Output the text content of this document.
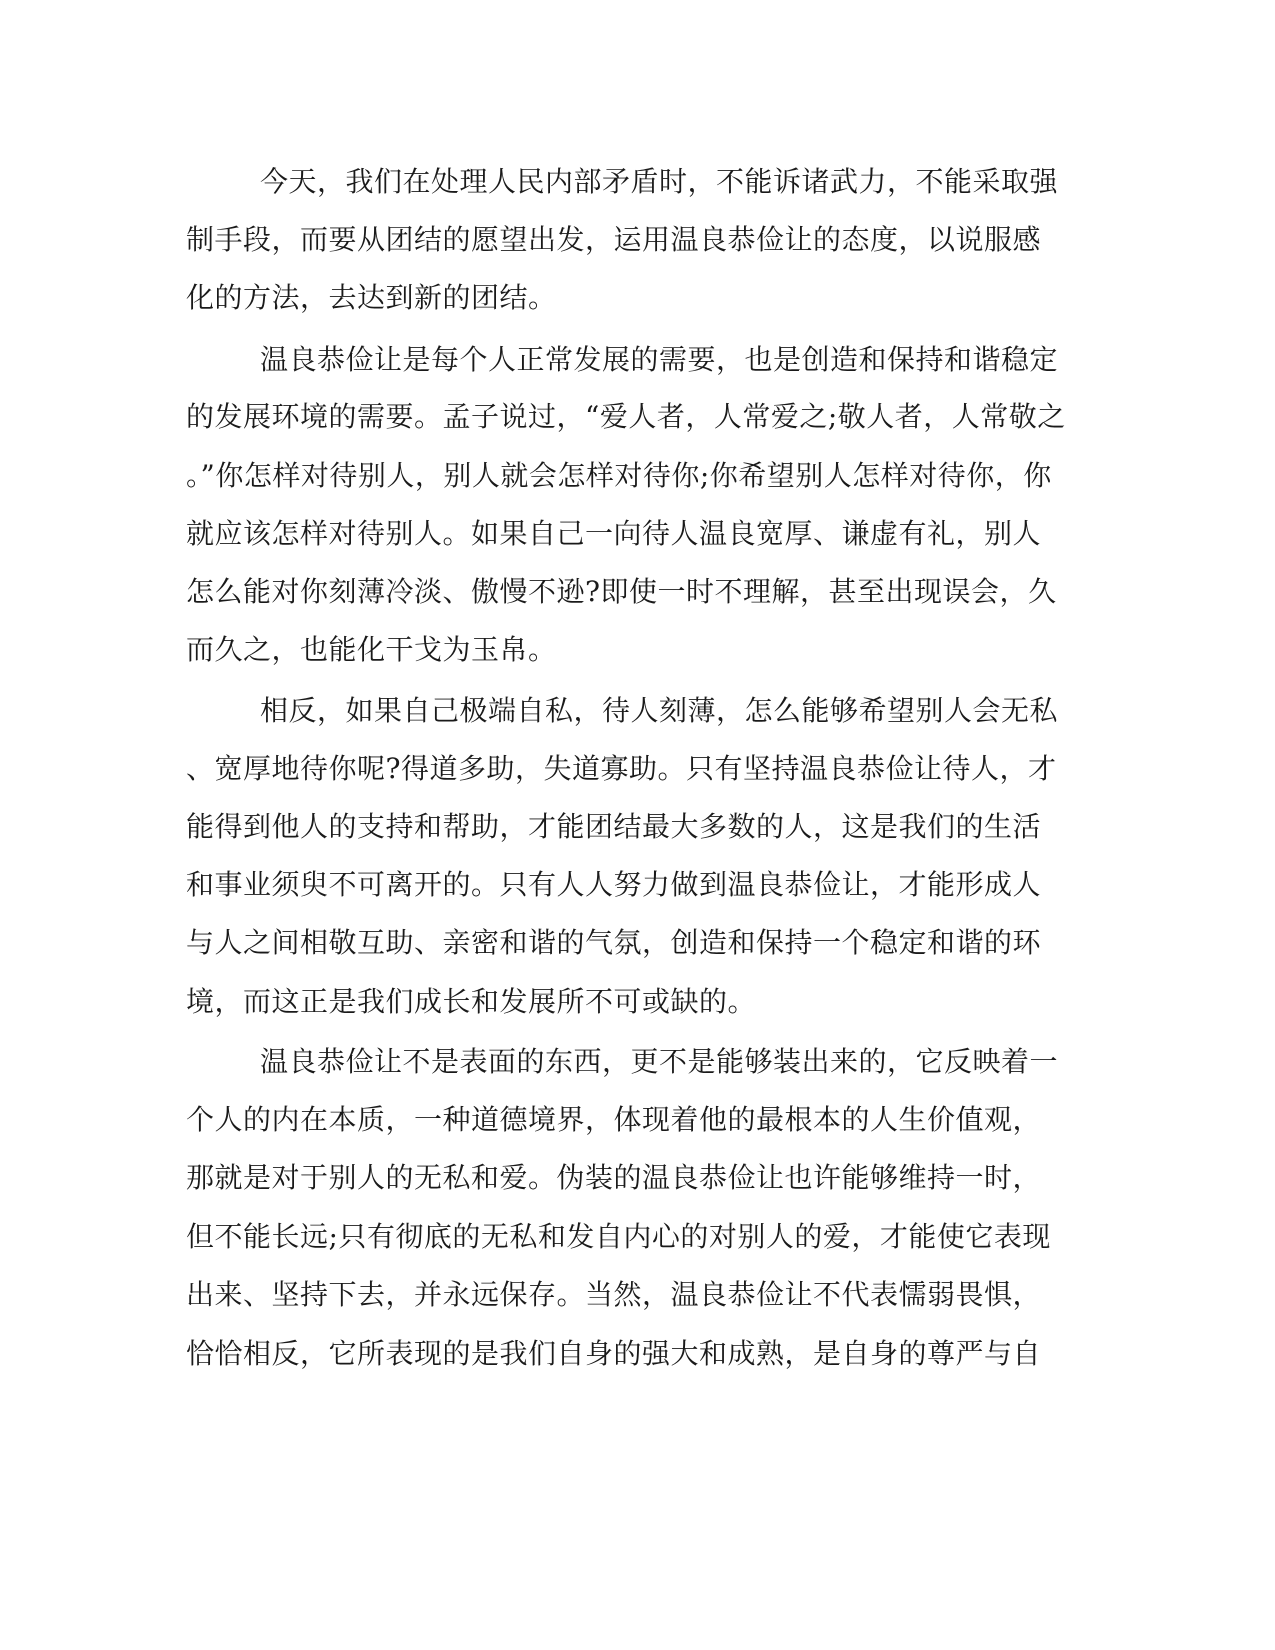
今天，我们在处理人民内部矛盾时，不能诉诸武力，不能采取强
制手段，而要从团结的愿望出发，运用温良恭俭让的态度，以说服感
化的方法，去达到新的团结。
温良恭俭让是每个人正常发展的需要，也是创造和保持和谐稳定
的发展环境的需要。孟子说过，“爱人者，人常爱之;敬人者，人常敬之
。”你怎样对待别人，别人就会怎样对待你;你希望别人怎样对待你，你
就应该怎样对待别人。如果自己一向待人温良宽厚、谦虚有礼，别人
怎么能对你刻薄冷淡、傲慢不逊?即使一时不理解，甚至出现误会，久
而久之，也能化干戈为玉帛。
相反，如果自己极端自私，待人刻薄，怎么能够希望别人会无私
、宽厚地待你呢?得道多助，失道寡助。只有坚持温良恭俭让待人，才
能得到他人的支持和帮助，才能团结最大多数的人，这是我们的生活
和事业须臾不可离开的。只有人人努力做到温良恭俭让，才能形成人
与人之间相敬互助、亲密和谐的气氛，创造和保持一个稳定和谐的环
境，而这正是我们成长和发展所不可或缺的。
温良恭俭让不是表面的东西，更不是能够装出来的，它反映着一
个人的内在本质，一种道德境界，体现着他的最根本的人生价值观，
那就是对于别人的无私和爱。伪装的温良恭俭让也许能够维持一时，
但不能长远;只有彻底的无私和发自内心的对别人的爱，才能使它表现
出来、坚持下去，并永远保存。当然，温良恭俭让不代表懦弱畏惧，
恰恰相反，它所表现的是我们自身的强大和成熟，是自身的尊严与自
